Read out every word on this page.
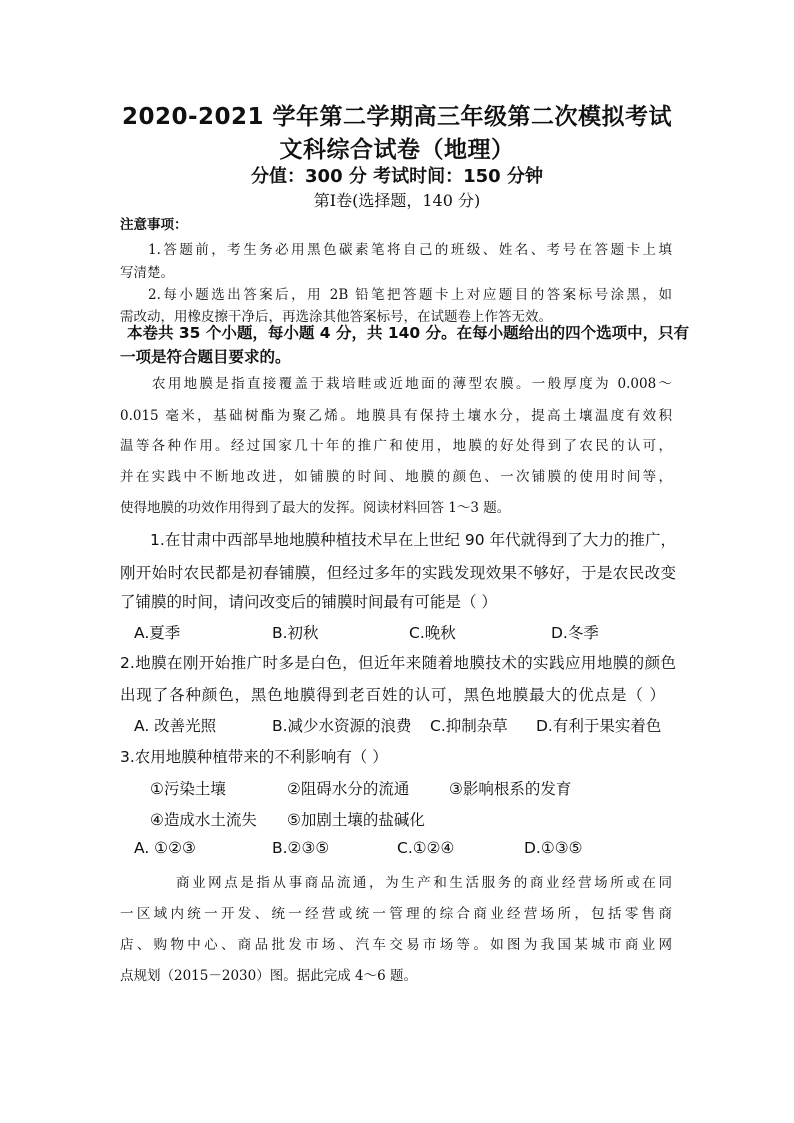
2020-2021 学年第二学期高三年级第二次模拟考试
文科综合试卷（地理）
分值：300 分 考试时间：150 分钟
第Ⅰ卷(选择题，140 分)
注意事项：
1.答题前，考生务必用黑色碳素笔将自己的班级、姓名、考号在答题卡上填
写清楚。
2.每小题选出答案后，用 2B 铅笔把答题卡上对应题目的答案标号涂黑，如
需改动，用橡皮擦干净后，再选涂其他答案标号，在试题卷上作答无效。
本卷共 35 个小题，每小题 4 分，共 140 分。在每小题给出的四个选项中，只有
一项是符合题目要求的。
农用地膜是指直接覆盖于栽培畦或近地面的薄型农膜。一般厚度为 0.008～
0.015 毫米，基础树酯为聚乙烯。地膜具有保持土壤水分，提高土壤温度有效积
温等各种作用。经过国家几十年的推广和使用，地膜的好处得到了农民的认可，
并在实践中不断地改进，如铺膜的时间、地膜的颜色、一次铺膜的使用时间等，
使得地膜的功效作用得到了最大的发挥。阅读材料回答 1～3 题。
1.在甘肃中西部旱地地膜种植技术早在上世纪 90 年代就得到了大力的推广，
刚开始时农民都是初春铺膜，但经过多年的实践发现效果不够好，于是农民改变
了铺膜的时间，请问改变后的铺膜时间最有可能是（ ）
A.夏季	B.初秋	C.晚秋	D.冬季
2.地膜在刚开始推广时多是白色，但近年来随着地膜技术的实践应用地膜的颜色
出现了各种颜色，黑色地膜得到老百姓的认可，黑色地膜最大的优点是（ ）
A. 改善光照	B.减少水资源的浪费 C.抑制杂草 D.有利于果实着色
3.农用地膜种植带来的不利影响有（ ）
①污染土壤	②阻碍水分的流通	③影响根系的发育
④造成水土流失 ⑤加剧土壤的盐碱化
A. ①②③	B.②③⑤	C.①②④	D.①③⑤
商业网点是指从事商品流通，为生产和生活服务的商业经营场所或在同
一区域内统一开发、统一经营或统一管理的综合商业经营场所，包括零售商
店、购物中心、商品批发市场、汽车交易市场等。如图为我国某城市商业网
点规划（2015－2030）图。据此完成 4～6 题。
